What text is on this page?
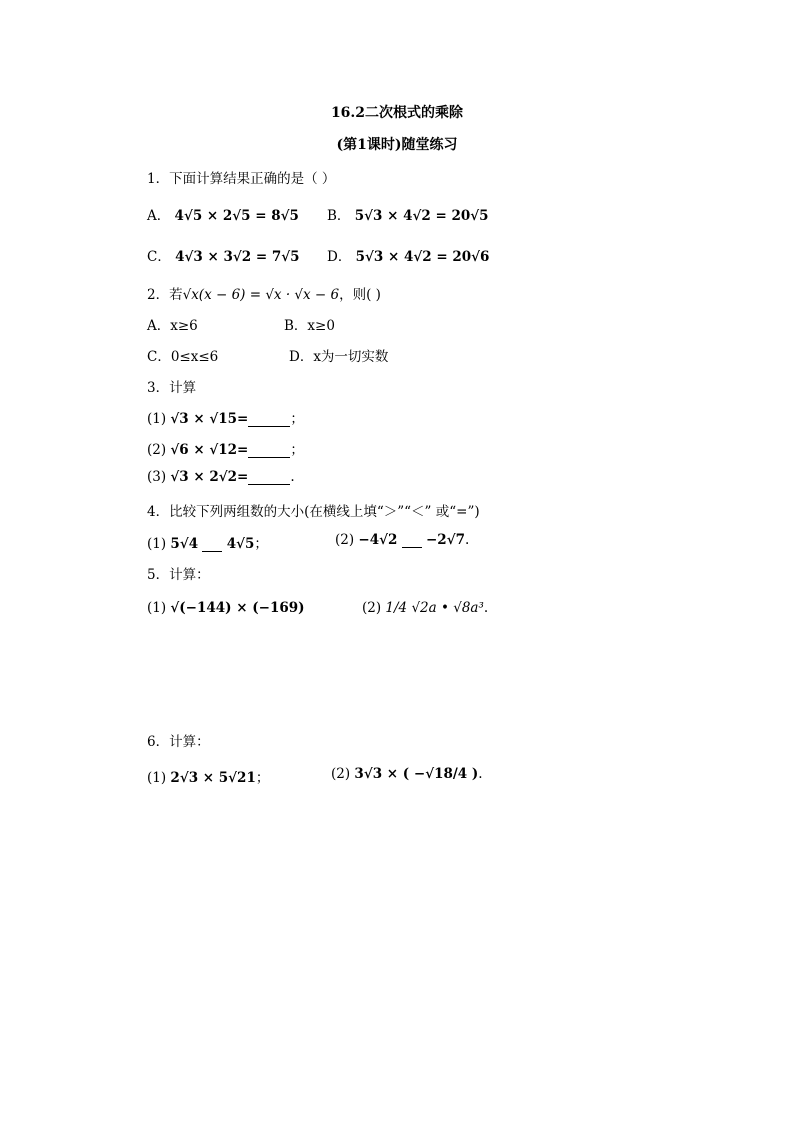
16.2二次根式的乘除
(第1课时)随堂练习
1．下面计算结果正确的是（ ）
A． 4√5 × 2√5 = 8√5 B． 5√3 × 4√2 = 20√5
C． 4√3 × 3√2 = 7√5 D． 5√3 × 4√2 = 20√6
2．若√x(x − 6) = √x · √x − 6，则( )
A．x≥6	B．x≥0
C．0≤x≤6	D．x为一切实数
3．计算
(1) √3 × √15=	；
(2) √6 × √12=	；
(3) √3 × 2√2=	.
4．比较下列两组数的大小(在横线上填“＞”“＜” 或“=”)
(1) 5√4 4√5；	(2) −4√2 −2√7.
5．计算：
(1) √(−144) × (−169)	(2) 1/4 √2a • √8a³.
6．计算：
(1) 2√3 × 5√21；	(2) 3√3 × ( −√18/4 ).
